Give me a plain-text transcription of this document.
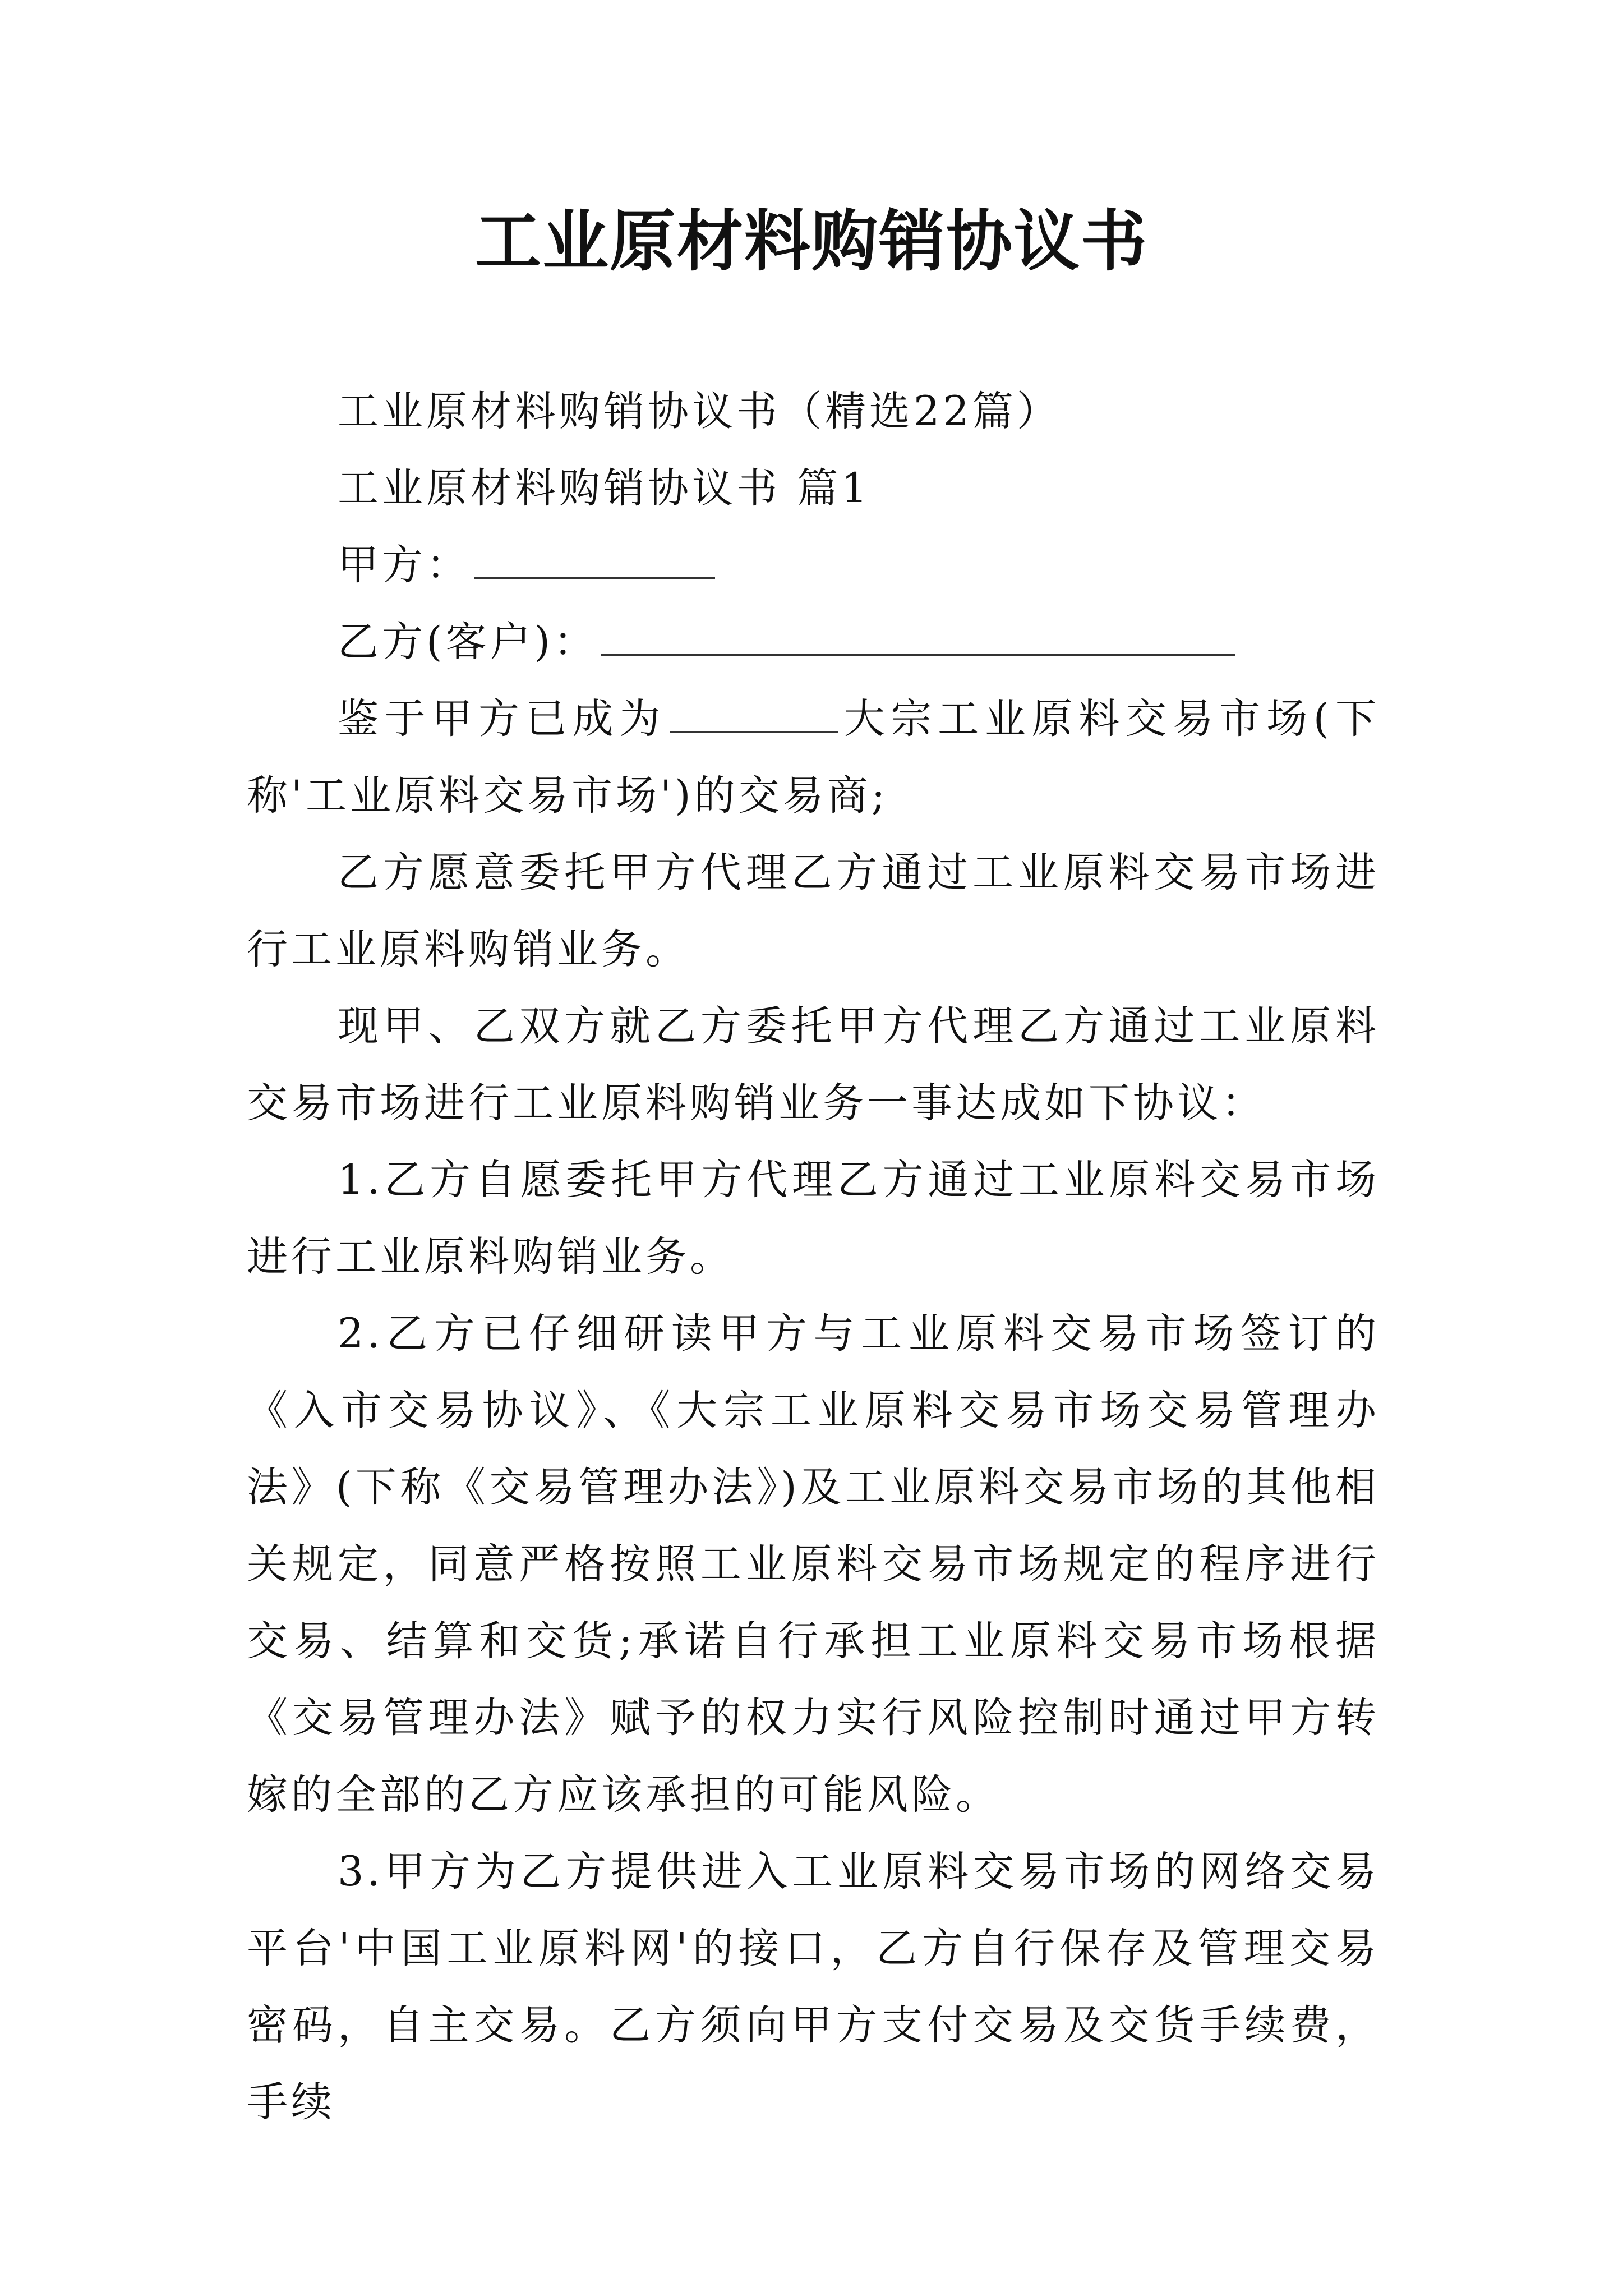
工业原材料购销协议书

工业原材料购销协议书（精选22篇）

工业原材料购销协议书 篇1

甲方：

乙方(客户)：

鉴于甲方已成为	大宗工业原料交易市场(下称'工业原料交易市场')的交易商;

乙方愿意委托甲方代理乙方通过工业原料交易市场进行工业原料购销业务。

现甲、乙双方就乙方委托甲方代理乙方通过工业原料交易市场进行工业原料购销业务一事达成如下协议：

1.乙方自愿委托甲方代理乙方通过工业原料交易市场进行工业原料购销业务。

2.乙方已仔细研读甲方与工业原料交易市场签订的《入市交易协议》、《大宗工业原料交易市场交易管理办法》(下称《交易管理办法》)及工业原料交易市场的其他相关规定，同意严格按照工业原料交易市场规定的程序进行交易、结算和交货;承诺自行承担工业原料交易市场根据《交易管理办法》赋予的权力实行风险控制时通过甲方转嫁的全部的乙方应该承担的可能风险。

3.甲方为乙方提供进入工业原料交易市场的网络交易平台'中国工业原料网'的接口，乙方自行保存及管理交易密码，自主交易。乙方须向甲方支付交易及交货手续费，手续
